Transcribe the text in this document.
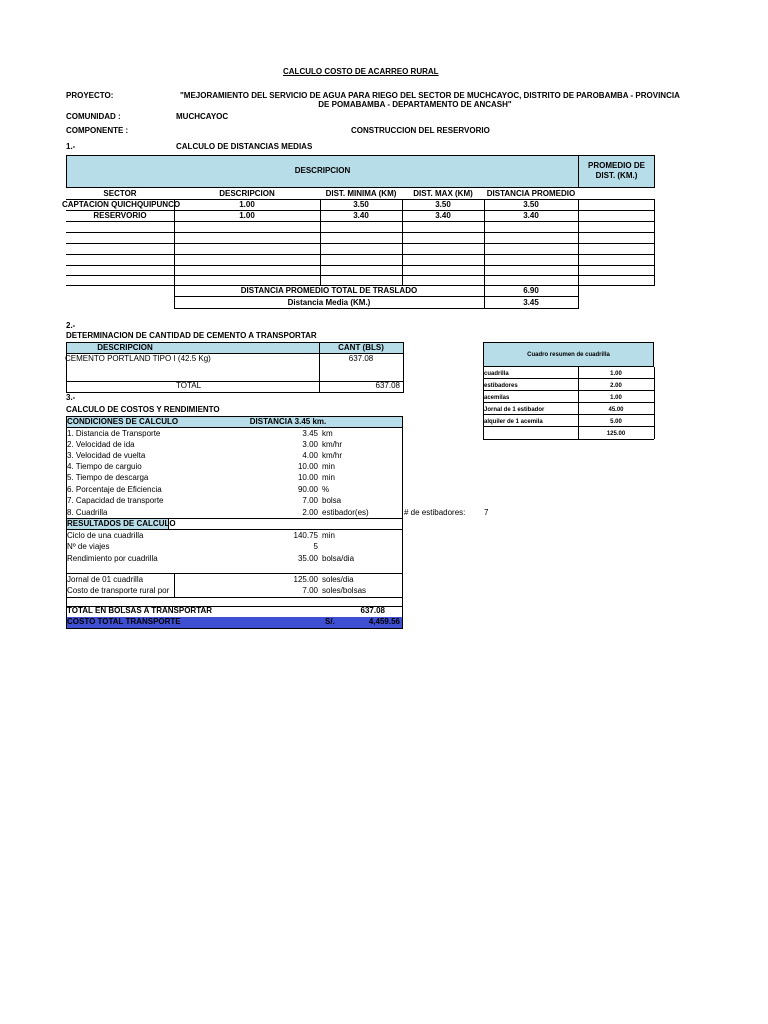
CALCULO COSTO DE ACARREO RURAL
PROYECTO:	"MEJORAMIENTO DEL SERVICIO DE AGUA PARA RIEGO DEL SECTOR DE MUCHCAYOC, DISTRITO DE PAROBAMBA - PROVINCIA
DE POMABAMBA - DEPARTAMENTO DE ANCASH"
COMUNIDAD :	MUCHCAYOC
COMPONENTE :	CONSTRUCCION DEL RESERVORIO
1.-	CALCULO DE DISTANCIAS MEDIAS
DESCRIPCION
PROMEDIO DE DIST. (KM.)
SECTOR	DESCRIPCION	DIST. MINIMA (KM)	DIST. MAX (KM)	DISTANCIA PROMEDIO
CAPTACION QUICHQUIPUNCO	1.00	3.50	3.50	3.50
RESERVORIO	1.00	3.40	3.40	3.40
DISTANCIA PROMEDIO TOTAL DE TRASLADO	6.90
Distancia Media (KM.)	3.45
2.-
DETERMINACION DE CANTIDAD DE CEMENTO A TRANSPORTAR
DESCRIPCION	CANT (BLS)
CEMENTO PORTLAND TIPO I (42.5 Kg)	637.08
TOTAL	637.08
Cuadro resumen de cuadrilla
cuadrilla	1.00
estibadores	2.00
acemilas	1.00
Jornal de 1 estibador	45.00
alquiler de 1 acemila	5.00
125.00
3.-
CALCULO DE COSTOS Y RENDIMIENTO
CONDICIONES DE CALCULO	DISTANCIA 3.45 km.
1. Distancia de Transporte	3.45 km
2. Velocidad de ida	3.00 km/hr
3. Velocidad de vuelta	4.00 km/hr
4. Tiempo de carguio	10.00 min
5. Tiempo de descarga	10.00 min
6. Porcentaje de Eficiencia	90.00 %
7. Capacidad de transporte	7.00 bolsa
8. Cuadrilla	2.00 estibador(es)	# de estibadores: 7
RESULTADOS DE CALCULO
Ciclo de una cuadrilla	140.75 min
Nº de viajes	5
Rendimiento por cuadrilla	35.00 bolsa/dia
Jornal de 01 cuadrilla	125.00 soles/dia
Costo de transporte rural por	7.00 soles/bolsas
TOTAL EN BOLSAS A TRANSPORTAR	637.08
COSTO TOTAL TRANSPORTE	S/.	4,459.56
